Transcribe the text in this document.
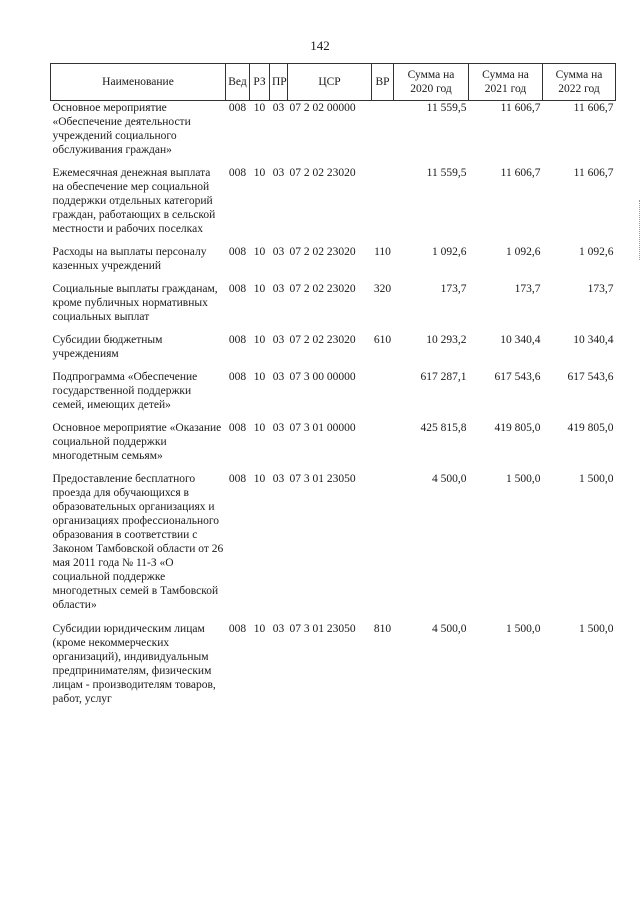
142
Наименование	Вед	РЗ	ПР	ЦСР	ВР	Сумма на 2020 год	Сумма на 2021 год	Сумма на 2022 год
Основное мероприятие «Обеспечение деятельности учреждений социального обслуживания граждан»	008	10	03	07 2 02 00000		11 559,5	11 606,7	11 606,7
Ежемесячная денежная выплата на обеспечение мер социальной поддержки отдельных категорий граждан, работающих в сельской местности и рабочих поселках	008	10	03	07 2 02 23020		11 559,5	11 606,7	11 606,7
Расходы на выплаты персоналу казенных учреждений	008	10	03	07 2 02 23020	110	1 092,6	1 092,6	1 092,6
Социальные выплаты гражданам, кроме публичных нормативных социальных выплат	008	10	03	07 2 02 23020	320	173,7	173,7	173,7
Субсидии бюджетным учреждениям	008	10	03	07 2 02 23020	610	10 293,2	10 340,4	10 340,4
Подпрограмма «Обеспечение государственной поддержки семей, имеющих детей»	008	10	03	07 3 00 00000		617 287,1	617 543,6	617 543,6
Основное мероприятие «Оказание социальной поддержки многодетным семьям»	008	10	03	07 3 01 00000		425 815,8	419 805,0	419 805,0
Предоставление бесплатного проезда для обучающихся в образовательных организациях и организациях профессионального образования в соответствии с Законом Тамбовской области от 26 мая 2011 года № 11-З «О социальной поддержке многодетных семей в Тамбовской области»	008	10	03	07 3 01 23050		4 500,0	1 500,0	1 500,0
Субсидии юридическим лицам (кроме некоммерческих организаций), индивидуальным предпринимателям, физическим лицам - производителям товаров, работ, услуг	008	10	03	07 3 01 23050	810	4 500,0	1 500,0	1 500,0
